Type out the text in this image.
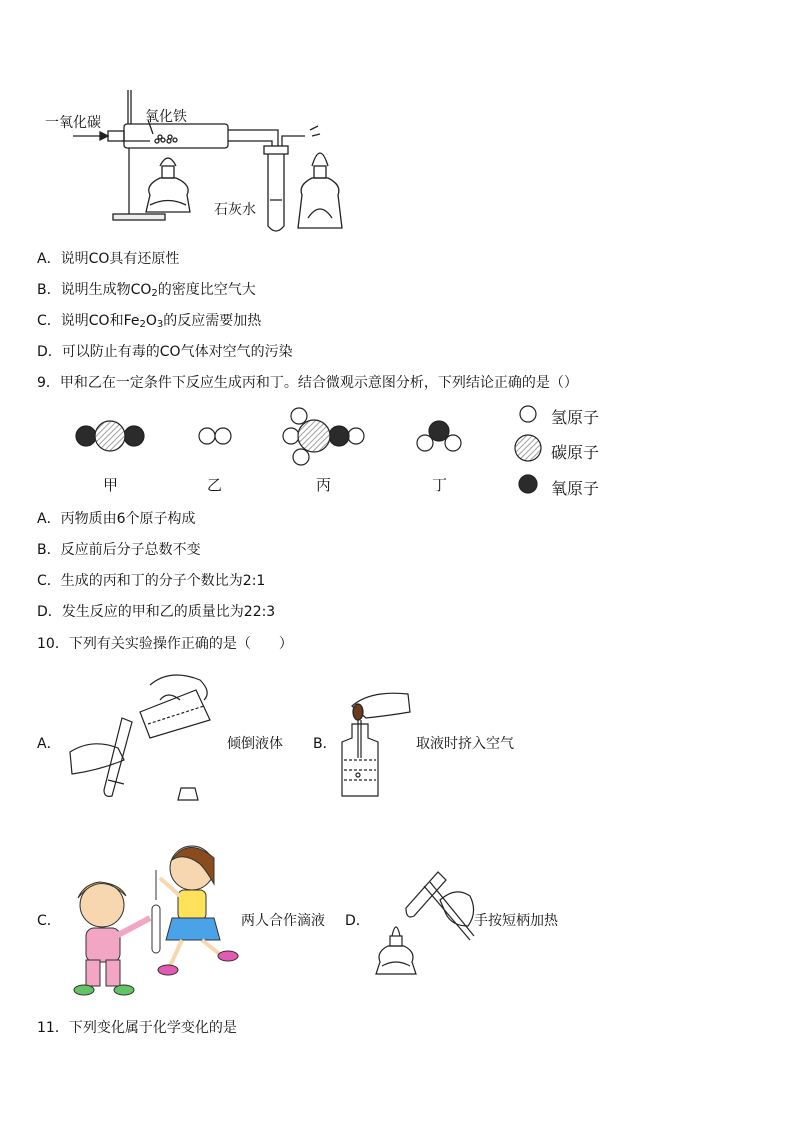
一氧化碳	氧化铁
石灰水
A．说明CO具有还原性
B．说明生成物$CO_2$的密度比空气大
C．说明CO和$Fe_2O_3$的反应需要加热
D．可以防止有毒的CO气体对空气的污染
9．甲和乙在一定条件下反应生成丙和丁。结合微观示意图分析，下列结论正确的是（）
甲	乙	丙	丁
氢原子
碳原子
氧原子
A．丙物质由6个原子构成
B．反应前后分子总数不变
C．生成的丙和丁的分子个数比为2:1
D．发生反应的甲和乙的质量比为22:3
10．下列有关实验操作正确的是（　　）
A．	倾倒液体 B．	取液时挤入空气
C．	两人合作滴液 D．	手按短柄加热
11．下列变化属于化学变化的是
